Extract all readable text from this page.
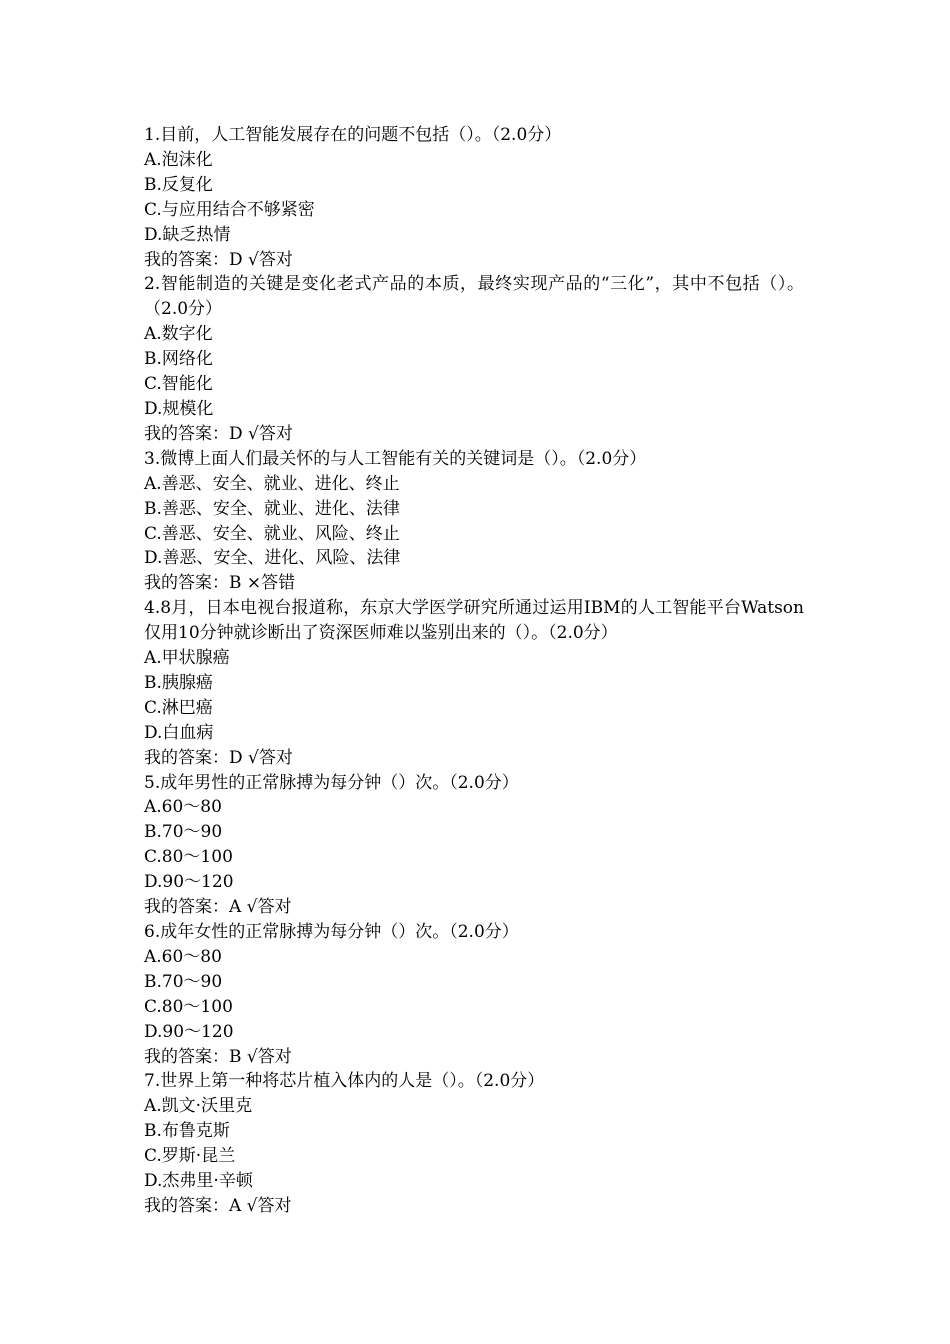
1.目前，人工智能发展存在的问题不包括（）。（2.0分）

A.泡沫化

B.反复化

C.与应用结合不够紧密

D.缺乏热情

我的答案：D √答对

2.智能制造的关键是变化老式产品的本质，最终实现产品的“三化”，其中不包括（）。（2.0分）

A.数字化

B.网络化

C.智能化

D.规模化

我的答案：D √答对

3.微博上面人们最关怀的与人工智能有关的关键词是（）。（2.0分）

A.善恶、安全、就业、进化、终止

B.善恶、安全、就业、进化、法律

C.善恶、安全、就业、风险、终止

D.善恶、安全、进化、风险、法律

我的答案：B ×答错

4.8月，日本电视台报道称，东京大学医学研究所通过运用IBM的人工智能平台Watson仅用10分钟就诊断出了资深医师难以鉴别出来的（）。（2.0分）

A.甲状腺癌

B.胰腺癌

C.淋巴癌

D.白血病

我的答案：D √答对

5.成年男性的正常脉搏为每分钟（）次。（2.0分）

A.60～80

B.70～90

C.80～100

D.90～120

我的答案：A √答对

6.成年女性的正常脉搏为每分钟（）次。（2.0分）

A.60～80

B.70～90

C.80～100

D.90～120

我的答案：B √答对

7.世界上第一种将芯片植入体内的人是（）。（2.0分）

A.凯文·沃里克

B.布鲁克斯

C.罗斯·昆兰

D.杰弗里·辛顿

我的答案：A √答对
